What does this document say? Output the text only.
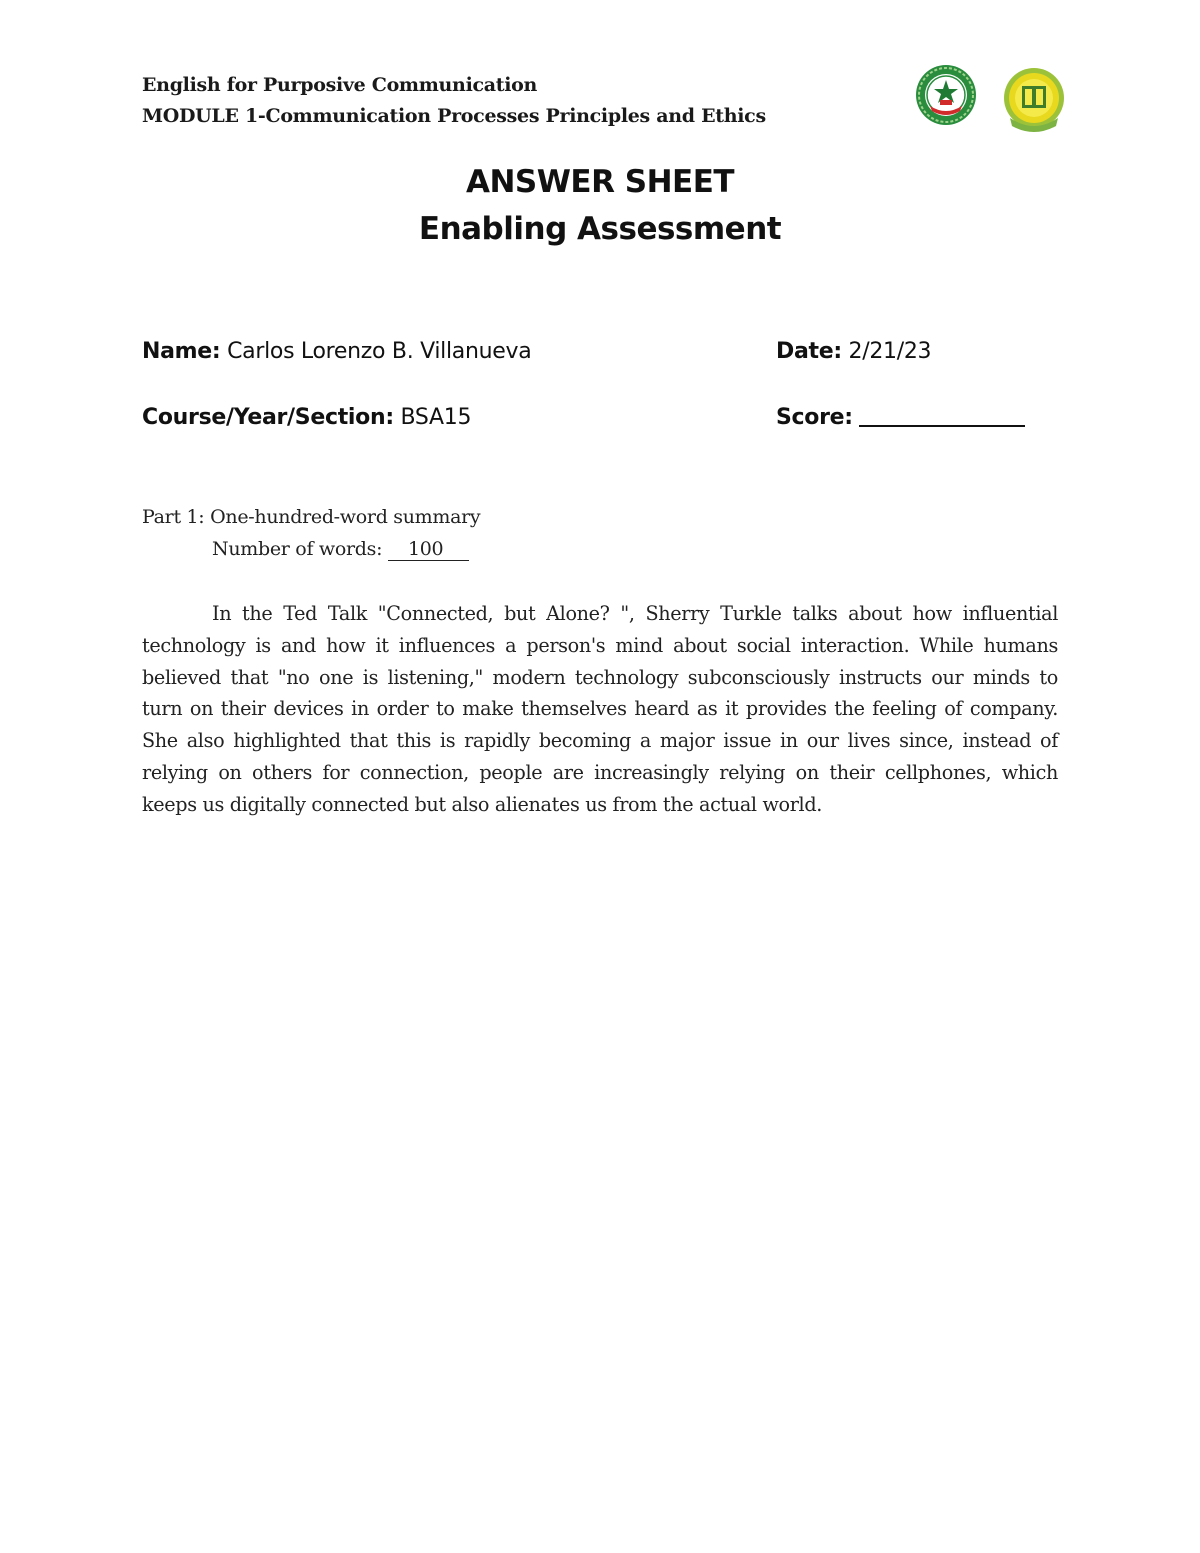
English for Purposive Communication
MODULE 1-Communication Processes Principles and Ethics
ANSWER SHEET
Enabling Assessment
Name: Carlos Lorenzo B. Villanueva	Date: 2/21/23
Course/Year/Section: BSA15	Score:
Part 1: One-hundred-word summary
Number of words: 100

In the Ted Talk "Connected, but Alone? ", Sherry Turkle talks about how influential technology is and how it influences a person's mind about social interaction. While humans believed that "no one is listening," modern technology subconsciously instructs our minds to turn on their devices in order to make themselves heard as it provides the feeling of company. She also highlighted that this is rapidly becoming a major issue in our lives since, instead of relying on others for connection, people are increasingly relying on their cellphones, which keeps us digitally connected but also alienates us from the actual world.
